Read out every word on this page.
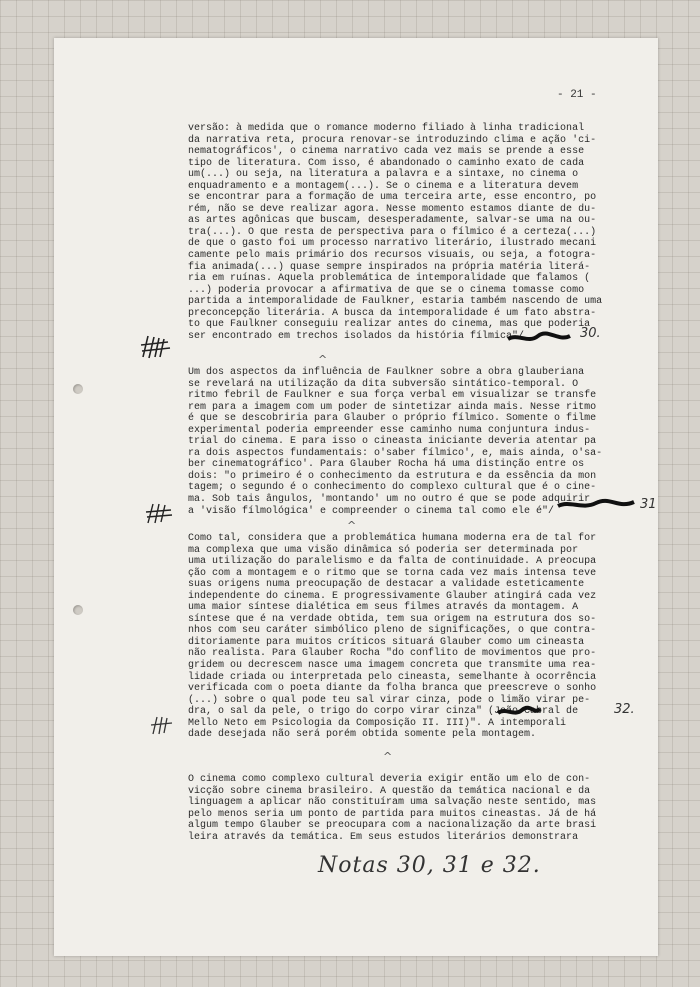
- 21 -
versão: à medida que o romance moderno filiado à linha tradicional
da narrativa reta, procura renovar-se introduzindo clima e ação 'ci-
nematográficos', o cinema narrativo cada vez mais se prende a esse
tipo de literatura. Com isso, é abandonado o caminho exato de cada
um(...) ou seja, na literatura a palavra e a sintaxe, no cinema o
enquadramento e a montagem(...). Se o cinema e a literatura devem
se encontrar para a formação de uma terceira arte, esse encontro, po
rém, não se deve realizar agora. Nesse momento estamos diante de du-
as artes agônicas que buscam, desesperadamente, salvar-se uma na ou-
tra(...). O que resta de perspectiva para o fílmico é a certeza(...)
de que o gasto foi um processo narrativo literário, ilustrado mecani
camente pelo mais primário dos recursos visuais, ou seja, a fotogra-
fia animada(...) quase sempre inspirados na própria matéria literá-
ria em ruínas. Aquela problemática de intemporalidade que falamos (
...) poderia provocar a afirmativa de que se o cinema tomasse como
partida a intemporalidade de Faulkner, estaria também nascendo de uma
preconcepção literária. A busca da intemporalidade é um fato abstra-
to que Faulkner conseguiu realizar antes do cinema, mas que poderia
ser encontrado em trechos isolados da história fílmica"/
Um dos aspectos da influência de Faulkner sobre a obra glauberiana
se revelará na utilização da dita subversão sintático-temporal. O
ritmo febril de Faulkner e sua força verbal em visualizar se transfe
rem para a imagem com um poder de sintetizar ainda mais. Nesse ritmo
é que se descobriria para Glauber o próprio fílmico. Somente o filme
experimental poderia empreender esse caminho numa conjuntura indus-
trial do cinema. E para isso o cineasta iniciante deveria atentar pa
ra dois aspectos fundamentais: o'saber fílmico', e, mais ainda, o'sa-
ber cinematográfico'. Para Glauber Rocha há uma distinção entre os
dois: "o primeiro é o conhecimento da estrutura e da essência da mon
tagem; o segundo é o conhecimento do complexo cultural que é o cine-
ma. Sob tais ângulos, 'montando' um no outro é que se pode adquirir
a 'visão fílmológica' e compreender o cinema tal como ele é"/
Como tal, considera que a problemática humana moderna era de tal for
ma complexa que uma visão dinâmica só poderia ser determinada por
uma utilização do paralelismo e da falta de continuidade. A preocupa
ção com a montagem e o ritmo que se torna cada vez mais intensa teve
suas origens numa preocupação de destacar a validade esteticamente
independente do cinema. E progressivamente Glauber atingirá cada vez
uma maior síntese dialética em seus filmes através da montagem. A
síntese que é na verdade obtida, tem sua origem na estrutura dos so-
nhos com seu caráter simbólico pleno de significações, o que contra-
ditoriamente para muitos críticos situará Glauber como um cineasta
não realista. Para Glauber Rocha "do conflito de movimentos que pro-
gridem ou decrescem nasce uma imagem concreta que transmite uma rea-
lidade criada ou interpretada pelo cineasta, semelhante à ocorrência
verificada com o poeta diante da folha branca que preescreve o sonho
(...) sobre o qual pode teu sal virar cinza, pode o limão virar pe-
dra, o sal da pele, o trigo do corpo virar cinza" (João Cabral de
Mello Neto em Psicologia da Composição II. III)". A intemporali
dade desejada não será porém obtida somente pela montagem.
O cinema como complexo cultural deveria exigir então um elo de con-
vicção sobre cinema brasileiro. A questão da temática nacional e da
linguagem a aplicar não constituíram uma salvação neste sentido, mas
pelo menos seria um ponto de partida para muitos cineastas. Já de há
algum tempo Glauber se preocupara com a nacionalização da arte brasi
leira através da temática. Em seus estudos literários demonstrara
30.
31
32.
^
^
^
Notas 30, 31 e 32.
